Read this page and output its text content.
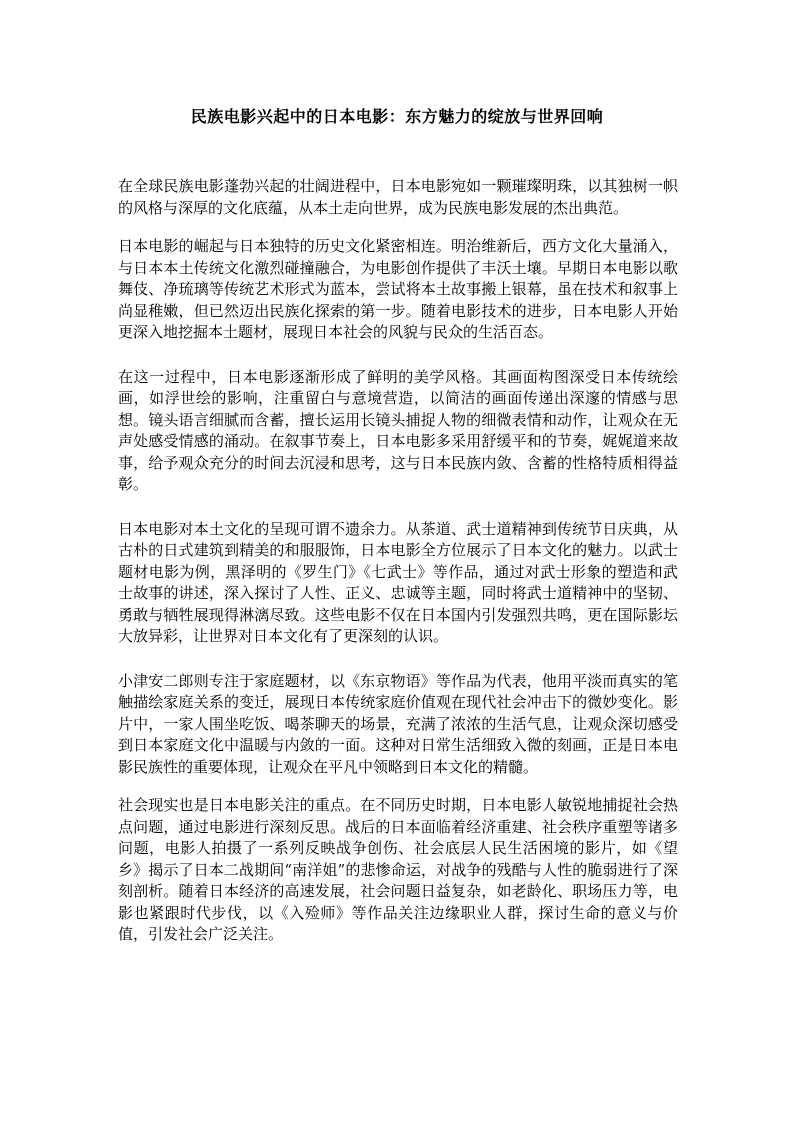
民族电影兴起中的日本电影：东方魅力的绽放与世界回响

在全球民族电影蓬勃兴起的壮阔进程中，日本电影宛如一颗璀璨明珠，以其独树一帜的风格与深厚的文化底蕴，从本土走向世界，成为民族电影发展的杰出典范。

日本电影的崛起与日本独特的历史文化紧密相连。明治维新后，西方文化大量涌入，与日本本土传统文化激烈碰撞融合，为电影创作提供了丰沃土壤。早期日本电影以歌舞伎、净琉璃等传统艺术形式为蓝本，尝试将本土故事搬上银幕，虽在技术和叙事上尚显稚嫩，但已然迈出民族化探索的第一步。随着电影技术的进步，日本电影人开始更深入地挖掘本土题材，展现日本社会的风貌与民众的生活百态。

在这一过程中，日本电影逐渐形成了鲜明的美学风格。其画面构图深受日本传统绘画，如浮世绘的影响，注重留白与意境营造，以简洁的画面传递出深邃的情感与思想。镜头语言细腻而含蓄，擅长运用长镜头捕捉人物的细微表情和动作，让观众在无声处感受情感的涌动。在叙事节奏上，日本电影多采用舒缓平和的节奏，娓娓道来故事，给予观众充分的时间去沉浸和思考，这与日本民族内敛、含蓄的性格特质相得益彰。

日本电影对本土文化的呈现可谓不遗余力。从茶道、武士道精神到传统节日庆典，从古朴的日式建筑到精美的和服服饰，日本电影全方位展示了日本文化的魅力。以武士题材电影为例，黑泽明的《罗生门》《七武士》等作品，通过对武士形象的塑造和武士故事的讲述，深入探讨了人性、正义、忠诚等主题，同时将武士道精神中的坚韧、勇敢与牺牲展现得淋漓尽致。这些电影不仅在日本国内引发强烈共鸣，更在国际影坛大放异彩，让世界对日本文化有了更深刻的认识。

小津安二郎则专注于家庭题材，以《东京物语》等作品为代表，他用平淡而真实的笔触描绘家庭关系的变迁，展现日本传统家庭价值观在现代社会冲击下的微妙变化。影片中，一家人围坐吃饭、喝茶聊天的场景，充满了浓浓的生活气息，让观众深切感受到日本家庭文化中温暖与内敛的一面。这种对日常生活细致入微的刻画，正是日本电影民族性的重要体现，让观众在平凡中领略到日本文化的精髓。

社会现实也是日本电影关注的重点。在不同历史时期，日本电影人敏锐地捕捉社会热点问题，通过电影进行深刻反思。战后的日本面临着经济重建、社会秩序重塑等诸多问题，电影人拍摄了一系列反映战争创伤、社会底层人民生活困境的影片，如《望乡》揭示了日本二战期间“南洋姐”的悲惨命运，对战争的残酷与人性的脆弱进行了深刻剖析。随着日本经济的高速发展，社会问题日益复杂，如老龄化、职场压力等，电影也紧跟时代步伐，以《入殓师》等作品关注边缘职业人群，探讨生命的意义与价值，引发社会广泛关注。
